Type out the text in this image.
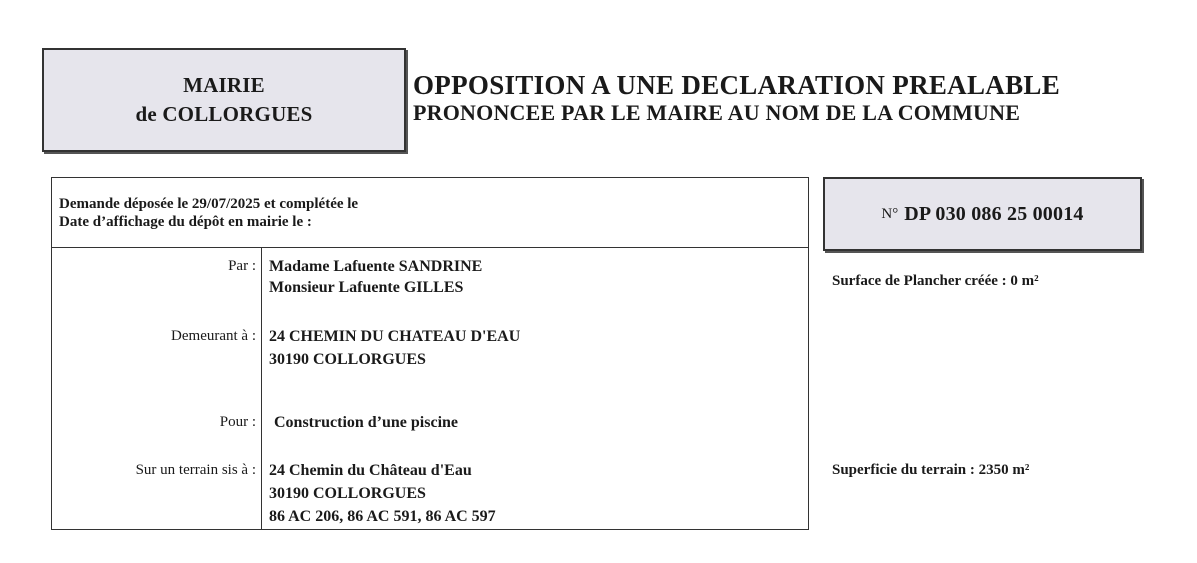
MAIRIE
de COLLORGUES
OPPOSITION A UNE DECLARATION PREALABLE
PRONONCEE PAR LE MAIRE AU NOM DE LA COMMUNE
Demande déposée le 29/07/2025 et complétée le
Date d’affichage du dépôt en mairie le :
Par : Madame Lafuente SANDRINE
Monsieur Lafuente GILLES
Demeurant à : 24 CHEMIN DU CHATEAU D'EAU
30190 COLLORGUES
Pour : Construction d’une piscine
Sur un terrain sis à : 24 Chemin du Château d'Eau
30190 COLLORGUES
86 AC 206, 86 AC 591, 86 AC 597
N° DP 030 086 25 00014
Surface de Plancher créée : 0 m²
Superficie du terrain : 2350 m²
